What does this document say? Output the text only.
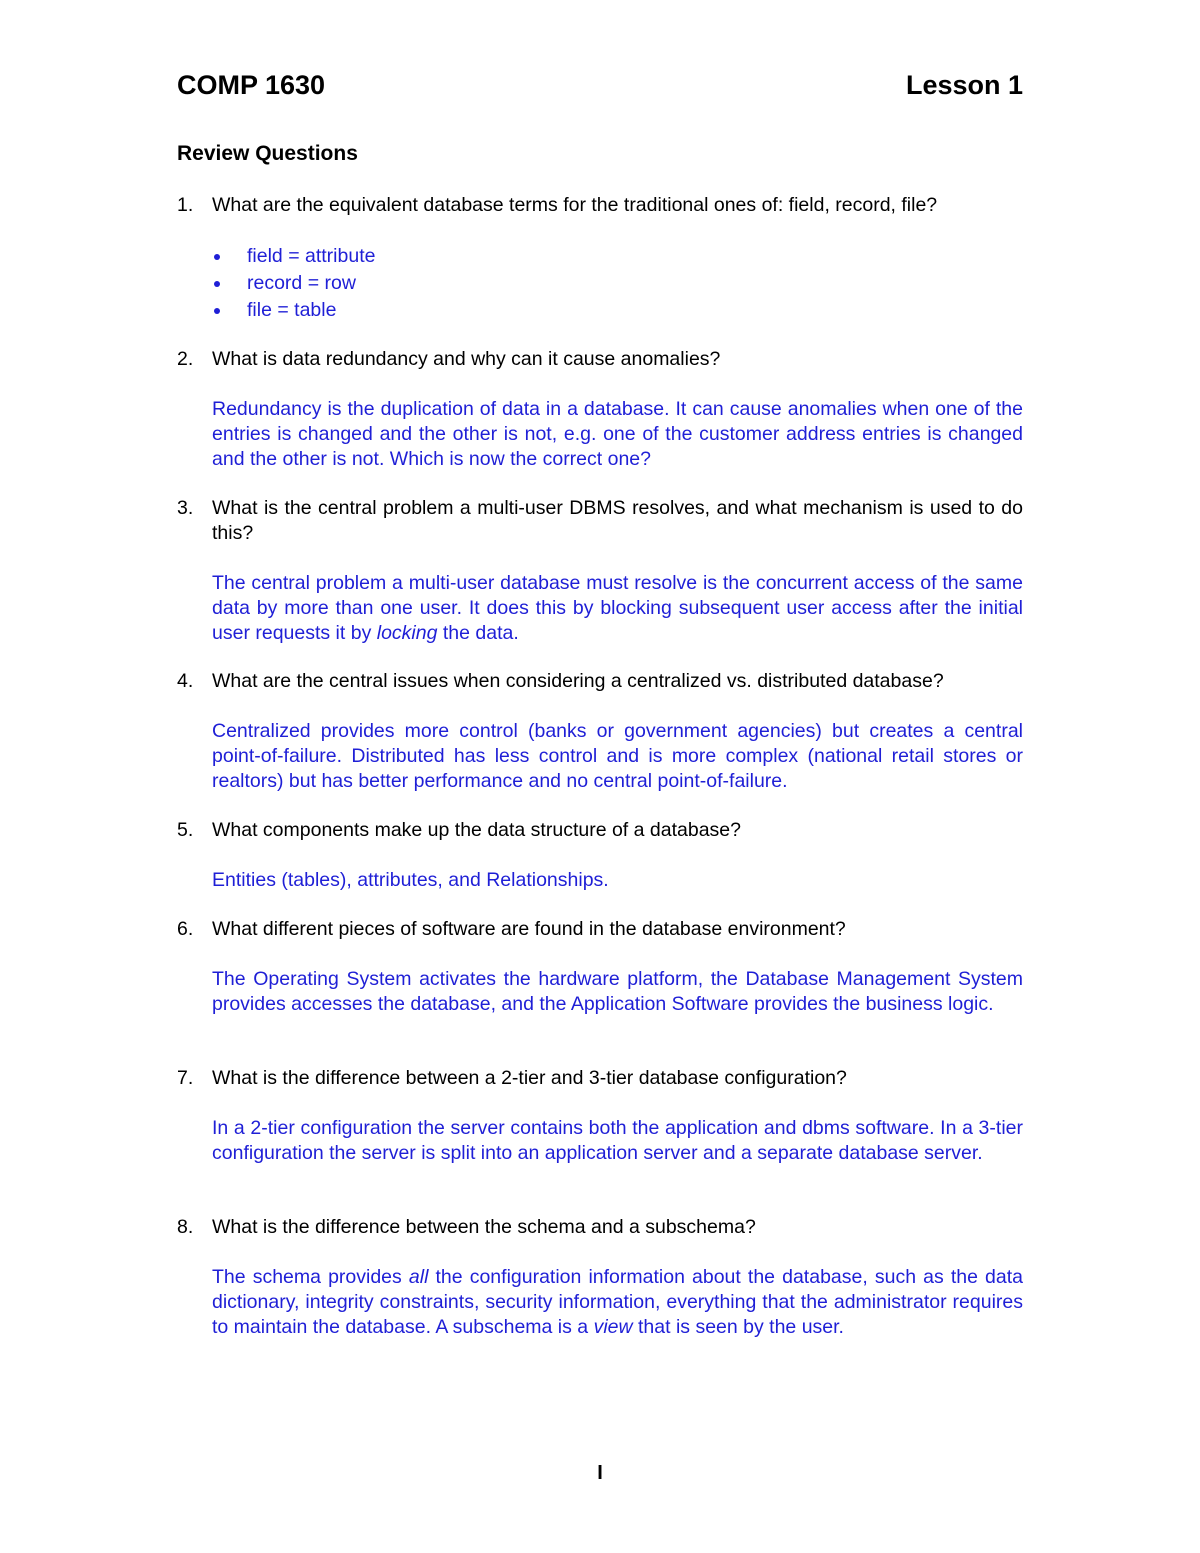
COMP 1630	Lesson 1
Review Questions
1. What are the equivalent database terms for the traditional ones of: field, record, file?
field = attribute
record = row
file = table
2. What is data redundancy and why can it cause anomalies?
Redundancy is the duplication of data in a database. It can cause anomalies when one of the entries is changed and the other is not, e.g. one of the customer address entries is changed and the other is not. Which is now the correct one?
3. What is the central problem a multi-user DBMS resolves, and what mechanism is used to do this?
The central problem a multi-user database must resolve is the concurrent access of the same data by more than one user. It does this by blocking subsequent user access after the initial user requests it by locking the data.
4. What are the central issues when considering a centralized vs. distributed database?
Centralized provides more control (banks or government agencies) but creates a central point-of-failure. Distributed has less control and is more complex (national retail stores or realtors) but has better performance and no central point-of-failure.
5. What components make up the data structure of a database?
Entities (tables), attributes, and Relationships.
6. What different pieces of software are found in the database environment?
The Operating System activates the hardware platform, the Database Management System provides accesses the database, and the Application Software provides the business logic.
7. What is the difference between a 2-tier and 3-tier database configuration?
In a 2-tier configuration the server contains both the application and dbms software. In a 3-tier configuration the server is split into an application server and a separate database server.
8. What is the difference between the schema and a subschema?
The schema provides all the configuration information about the database, such as the data dictionary, integrity constraints, security information, everything that the administrator requires to maintain the database. A subschema is a view that is seen by the user.
I
